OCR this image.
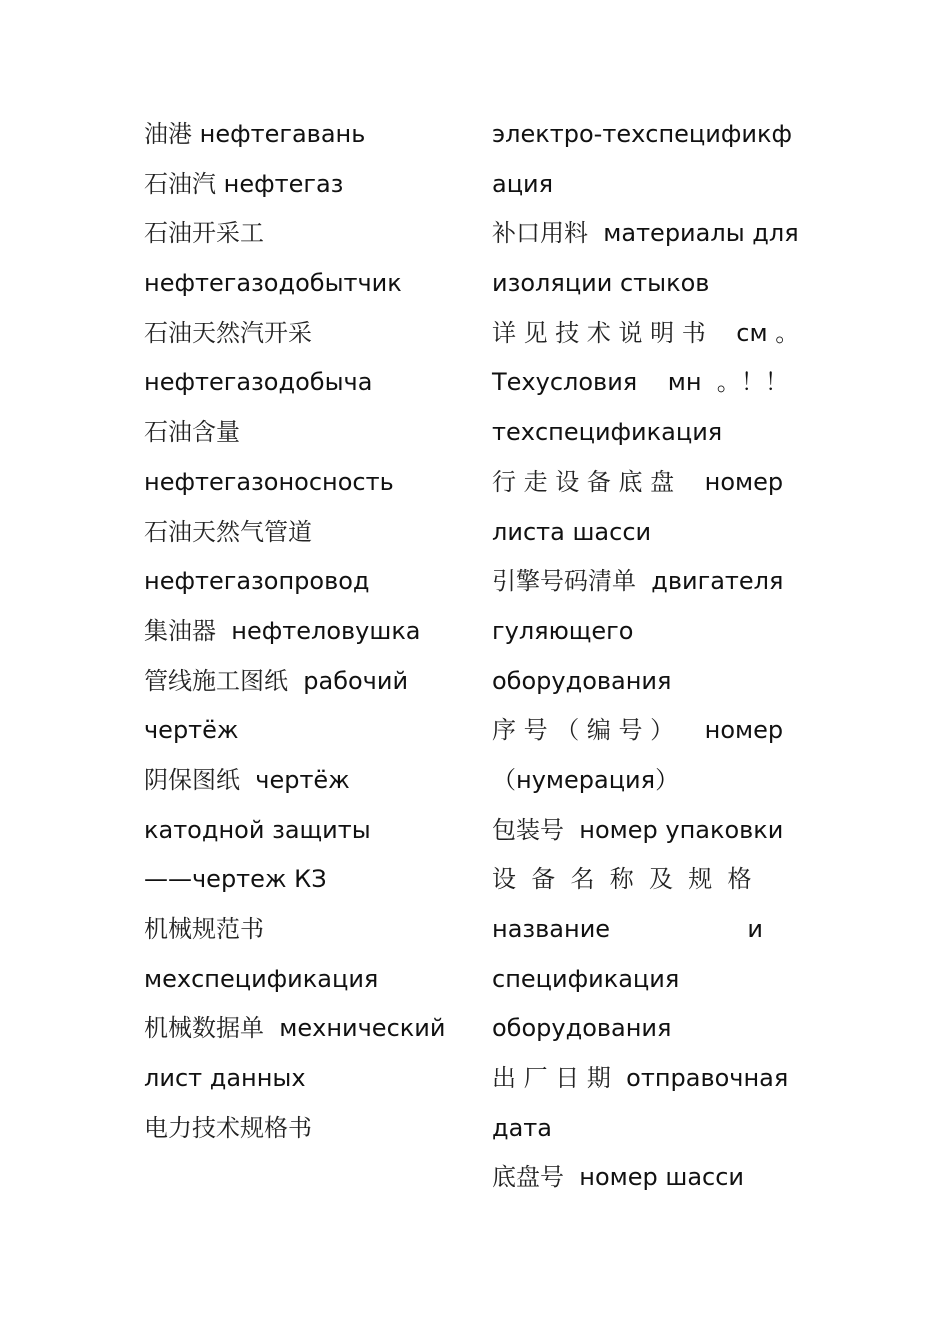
油港 нефтегавань
石油汽 нефтегаз
石油开采工
нефтегазодобытчик
石油天然汽开采
нефтегазодобыча
石油含量
нефтегазоносность
石油天然气管道
нефтегазопровод
集油器  нефтеловушка
管线施工图纸  рабочий
чертёж
阴保图纸  чертёж
катодной защиты
——чертеж КЗ
机械规范书
мехспецификация
机械数据单  мехнический
лист данных
电力技术规格书
электро-техспецификф
ация
补口用料  материалы для
изоляции стыков
详 见 技 术 说 明 书    см 。
Техусловия    мн  。！！
техспецификация
行 走 设 备 底 盘    номер
листа шасси
引擎号码清单  двигателя
гуляющего
оборудования
序 号 （ 编 号 ）    номер
（нумерация）
包装号  номер упаковки
设  备  名  称  及  规  格
название                  и
спецификация
оборудования
出 厂 日 期  отправочная
дата
底盘号  номер шасси
